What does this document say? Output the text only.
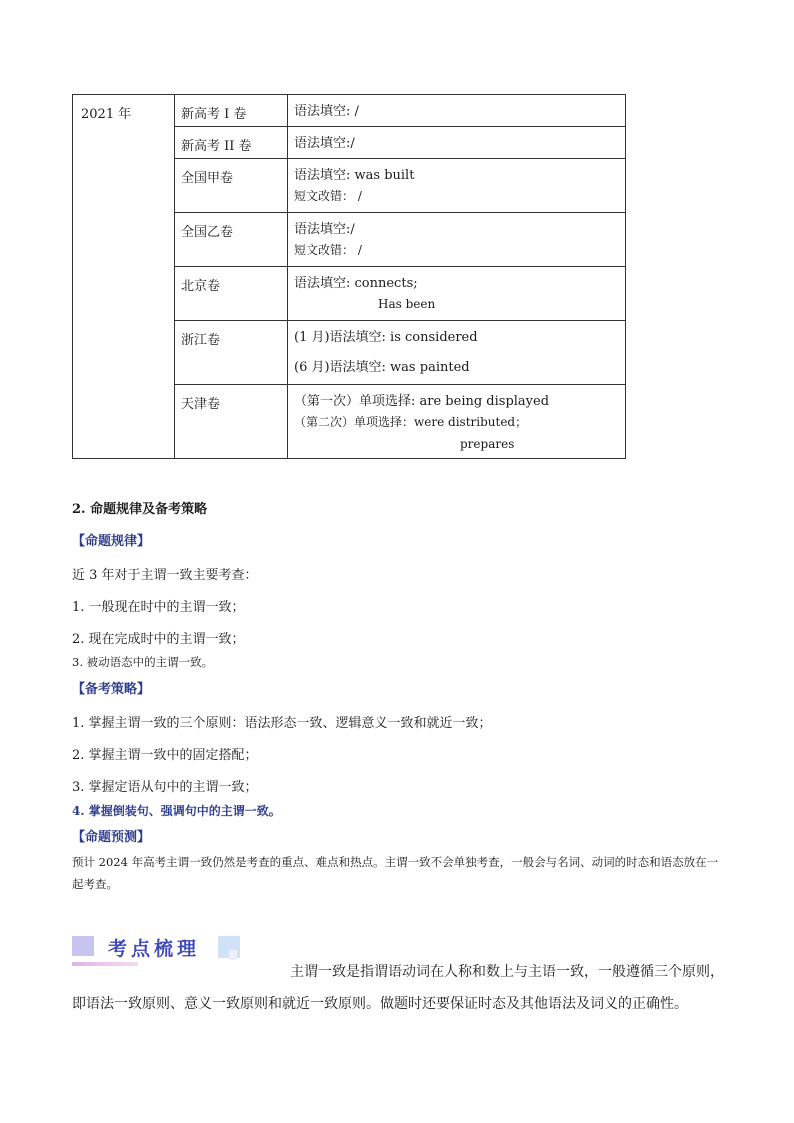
2021 年	新高考 I 卷	语法填空: /

	新高考 II 卷	语法填空:/

	全国甲卷	语法填空: was built
短文改错： /

	全国乙卷	语法填空:/
短文改错： /

	北京卷	语法填空: connects;
Has been

	浙江卷	(1 月)语法填空: is considered
(6 月)语法填空: was painted

	天津卷	（第一次）单项选择: are being displayed
（第二次）单项选择：were distributed；
prepares
2. 命题规律及备考策略
【命题规律】
近 3 年对于主谓一致主要考查：
1. 一般现在时中的主谓一致；
2. 现在完成时中的主谓一致；
3. 被动语态中的主谓一致。
【备考策略】
1. 掌握主谓一致的三个原则：语法形态一致、逻辑意义一致和就近一致；
2. 掌握主谓一致中的固定搭配；
3. 掌握定语从句中的主谓一致；
4. 掌握倒装句、强调句中的主谓一致。
【命题预测】
预计 2024 年高考主谓一致仍然是考查的重点、难点和热点。主谓一致不会单独考查，一般会与名词、动词的时态和语态放在一起考查。
考点梳理
主谓一致是指谓语动词在人称和数上与主语一致，一般遵循三个原则，
即语法一致原则、意义一致原则和就近一致原则。做题时还要保证时态及其他语法及词义的正确性。
